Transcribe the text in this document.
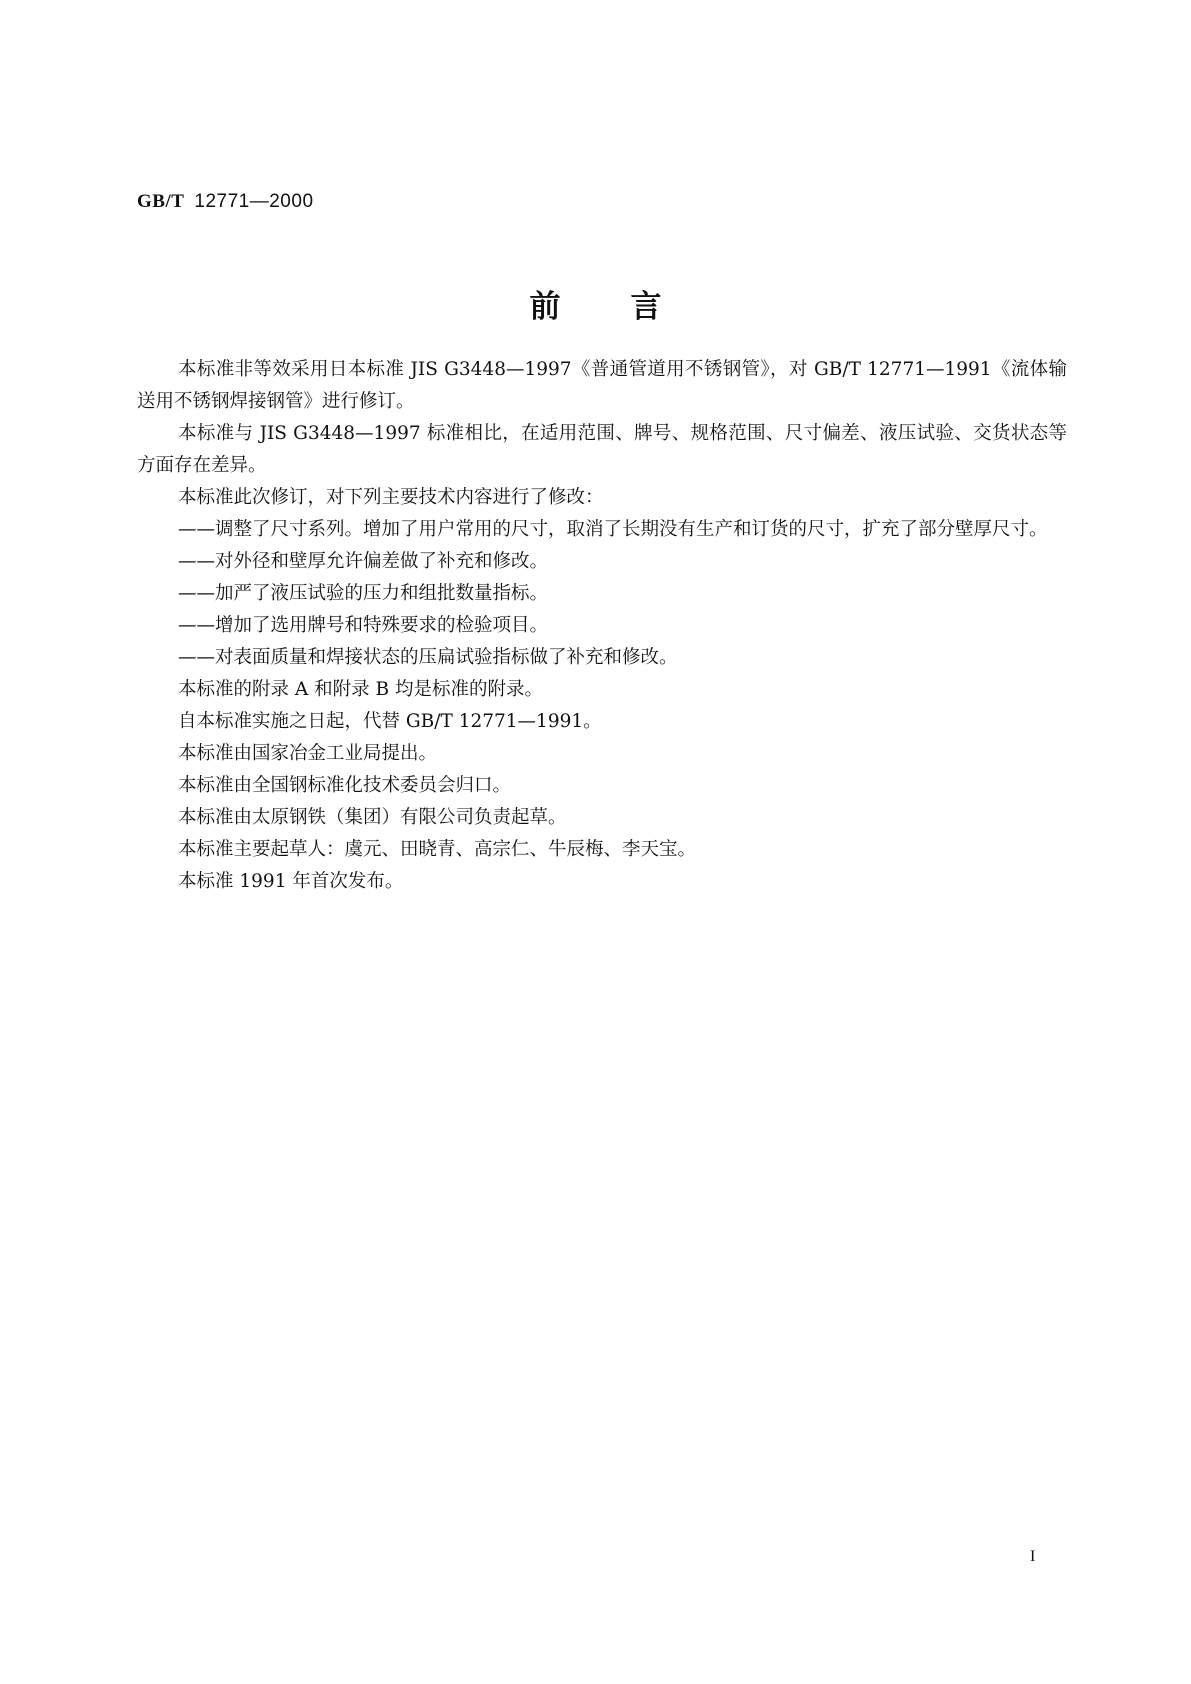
GB/T 12771—2000
前言

本标准非等效采用日本标准 JIS G3448—1997《普通管道用不锈钢管》，对 GB/T 12771—1991《流体输送用不锈钢焊接钢管》进行修订。

本标准与 JIS G3448—1997 标准相比，在适用范围、牌号、规格范围、尺寸偏差、液压试验、交货状态等方面存在差异。

本标准此次修订，对下列主要技术内容进行了修改：

——调整了尺寸系列。增加了用户常用的尺寸，取消了长期没有生产和订货的尺寸，扩充了部分壁厚尺寸。

——对外径和壁厚允许偏差做了补充和修改。

——加严了液压试验的压力和组批数量指标。

——增加了选用牌号和特殊要求的检验项目。

——对表面质量和焊接状态的压扁试验指标做了补充和修改。

本标准的附录 A 和附录 B 均是标准的附录。

自本标准实施之日起，代替 GB/T 12771—1991。

本标准由国家冶金工业局提出。

本标准由全国钢标准化技术委员会归口。

本标准由太原钢铁（集团）有限公司负责起草。

本标准主要起草人：虞元、田晓青、高宗仁、牛辰梅、李天宝。

本标准 1991 年首次发布。

I
